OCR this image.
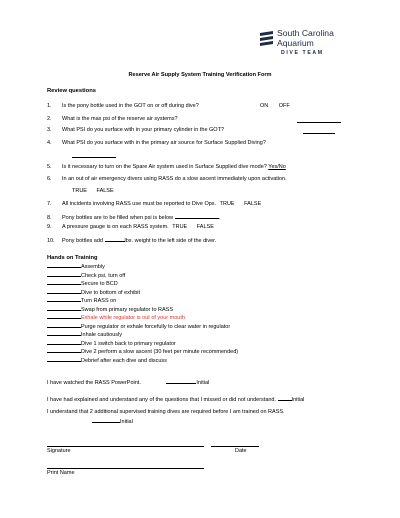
South Carolina
Aquarium
DIVE TEAM
Reserve Air Supply System Training Verification Form
Review questions
1. Is the pony bottle used in the GOT on or off during dive?	ON OFF
2. What is the max psi of the reserve air systems?
3. What PSI do you surface with in your primary cylinder in the GOT?
4. What PSI do you surface with in the primary air source for Surface Supplied Diving?
5. Is it necessary to turn on the Spare Air system used in Surface Supplied dive mode? Yes/No
6. In an out of air emergency divers using RASS do a slow ascent immediately upon activation.
TRUE FALSE
7. All incidents involving RASS use must be reported to Dive Ops. TRUE FALSE
8. Pony bottles are to be filled when psi is below	.
9. A pressure gauge is on each RASS system. TRUE FALSE
10. Pony bottles add	lbs. weight to the left side of the diver.
Hands on Training
Assembly
Check psi, turn off
Secure to BCD
Dive to bottom of exhibit
Turn RASS on
Swap from primary regulator to RASS
Exhale while regulator is out of your mouth
Purge regulator or exhale forcefully to clear water in regulator
Inhale cautiously
Dive 1 switch back to primary regulator
Dive 2 perform a slow ascent (30 feet per minute recommended)
Debrief after each dive and discuss
I have watched the RASS PowerPoint.	Initial
I have had explained and understand any of the questions that I missed or did not understand.	Initial
I understand that 2 additional supervised training dives are required before I am trained on RASS.
Initial
Signature	Date
Print Name
